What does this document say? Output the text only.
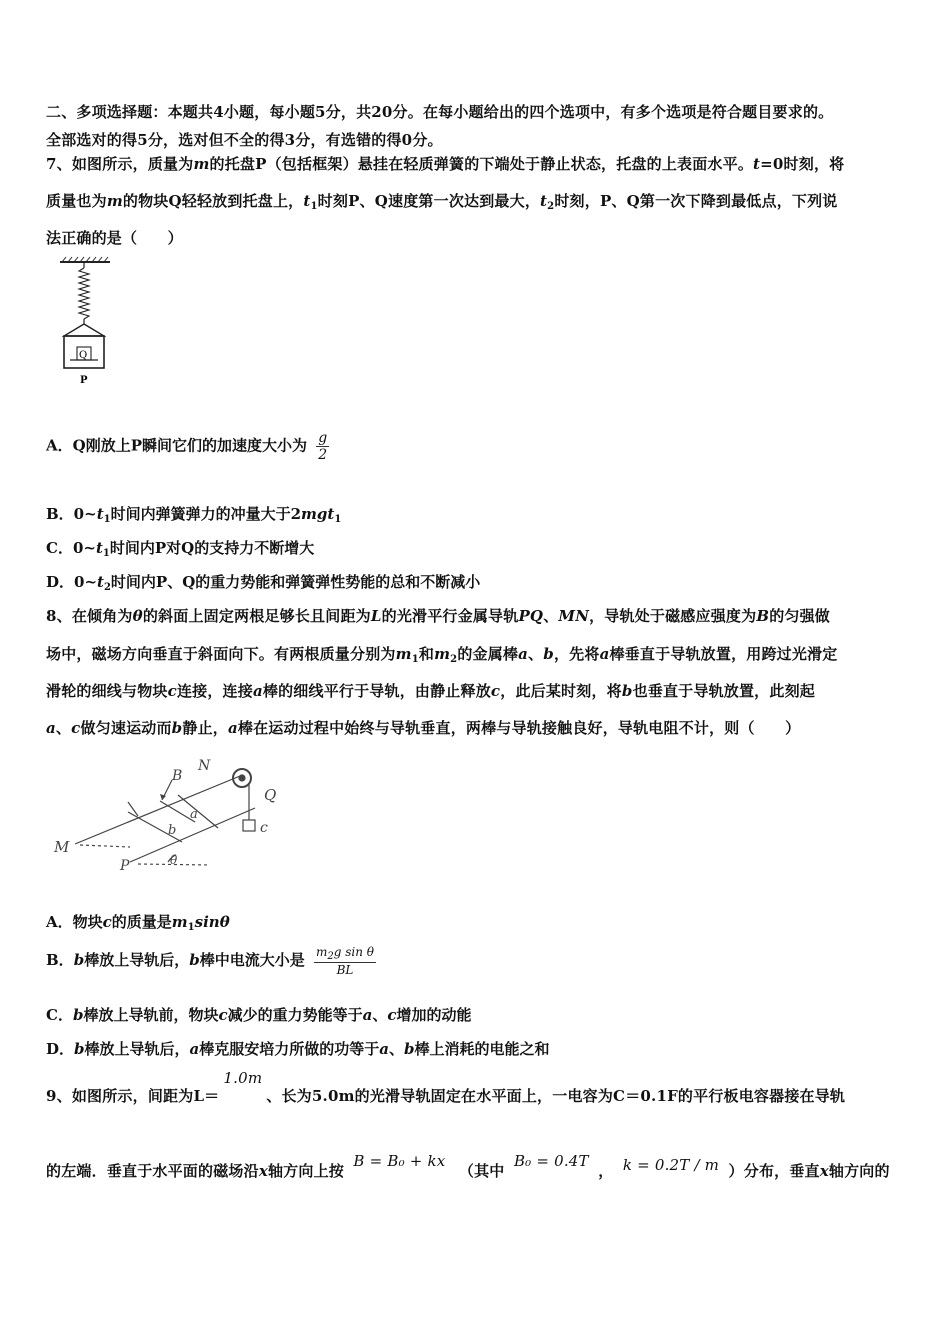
二、多项选择题：本题共4小题，每小题5分，共20分。在每小题给出的四个选项中，有多个选项是符合题目要求的。
全部选对的得5分，选对但不全的得3分，有选错的得0分。
7、如图所示，质量为m的托盘P（包括框架）悬挂在轻质弹簧的下端处于静止状态，托盘的上表面水平。t=0时刻，将
质量也为m的物块Q轻轻放到托盘上，$t_1$时刻P、Q速度第一次达到最大，$t_2$时刻，P、Q第一次下降到最低点，下列说
法正确的是（　　）
Q
P
A．Q刚放上P瞬间它们的加速度大小为 $\frac{g}{2}$
B．$0\sim t_1$时间内弹簧弹力的冲量大于2mgt$_1$
C．$0\sim t_1$时间内P对Q的支持力不断增大
D．$0\sim t_2$时间内P、Q的重力势能和弹簧弹性势能的总和不断减小
8、在倾角为θ的斜面上固定两根足够长且间距为L的光滑平行金属导轨PQ、MN，导轨处于磁感应强度为B的匀强做
场中，磁场方向垂直于斜面向下。有两根质量分别为$m_1$和$m_2$的金属棒a、b，先将a棒垂直于导轨放置，用跨过光滑定
滑轮的细线与物块c连接，连接a棒的细线平行于导轨，由静止释放c，此后某时刻，将b也垂直于导轨放置，此刻起
a、c做匀速运动而b静止，a棒在运动过程中始终与导轨垂直，两棒与导轨接触良好，导轨电阻不计，则（　　）
B
N
Q
c
a
b
M
P	θ
A．物块c的质量是$m_1\sin\theta$
B．b棒放上导轨后，b棒中电流大小是 $\frac{m_2g \sin \theta}{BL}$
C．b棒放上导轨前，物块c减少的重力势能等于a、c增加的动能
D．b棒放上导轨后，a棒克服安培力所做的功等于a、b棒上消耗的电能之和
9、如图所示，间距为L＝1.0m、长为5.0m的光滑导轨固定在水平面上，一电容为C＝0.1F的平行板电容器接在导轨
的左端．垂直于水平面的磁场沿x轴方向上按 B = B₀ + kx （其中 B₀ = 0.4T ， k = 0.2T / m ）分布，垂直x轴方向的
